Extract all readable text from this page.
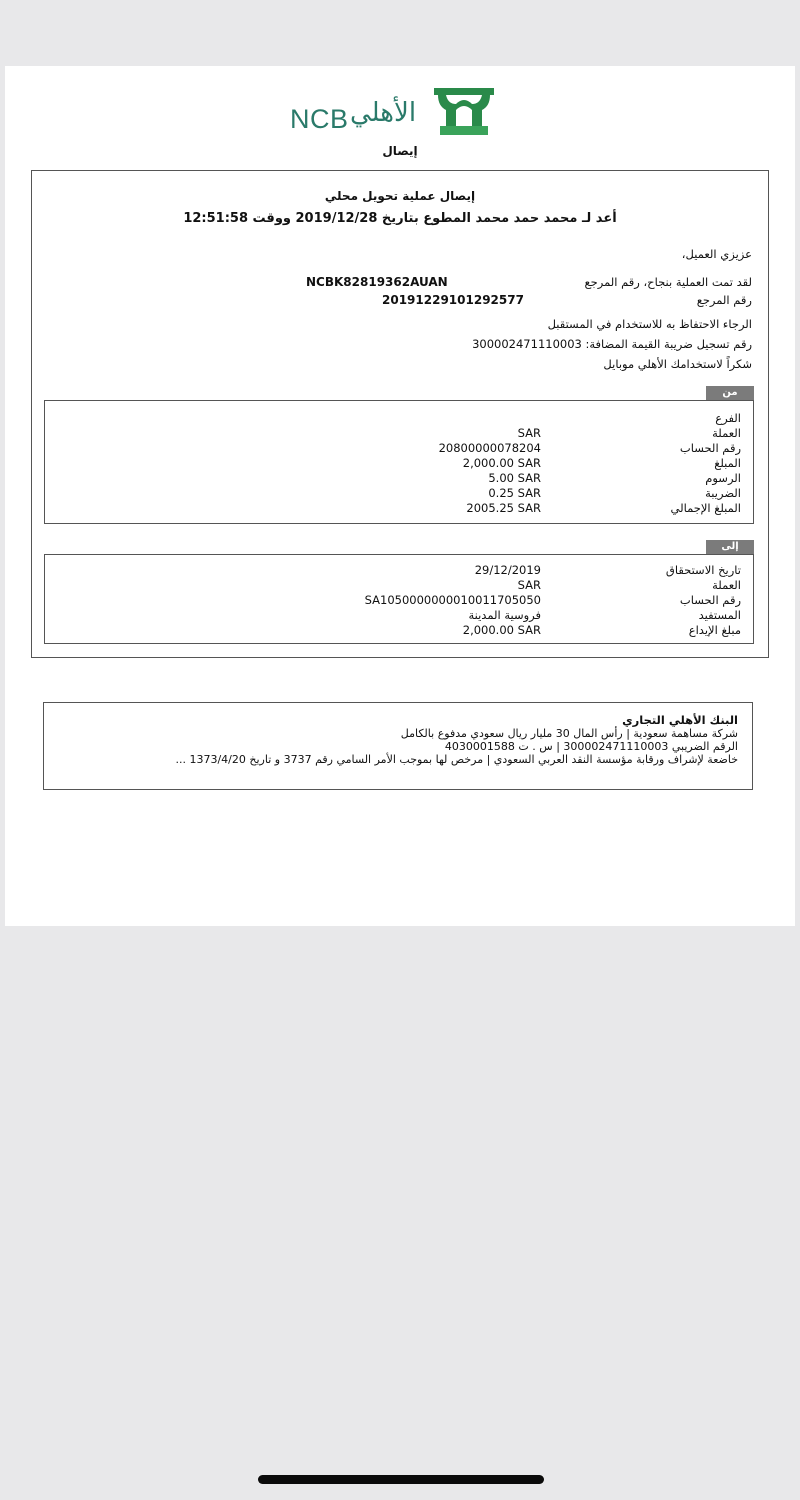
NCB الأهلي
إيصال
إيصال عملية تحويل محلي
أعد لـ محمد حمد محمد المطوع بتاريخ 2019/12/28 ووقت 12:51:58
عزيزي العميل،
لقد تمت العملية بنجاح، رقم المرجع
NCBK82819362AUAN
رقم المرجع
20191229101292577
الرجاء الاحتفاظ به للاستخدام في المستقبل
رقم تسجيل ضريبة القيمة المضافة: 300002471110003
شكراً لاستخدامك الأهلي موبايل
من
الفرع
العملة
SAR
رقم الحساب
20800000078204
المبلغ
2,000.00 SAR
الرسوم
5.00 SAR
الضريبة
0.25 SAR
المبلغ الإجمالي
2005.25 SAR
إلى
تاريخ الاستحقاق
29/12/2019
العملة
SAR
رقم الحساب
SA1050000000010011705050
المستفيد
فروسية المدينة
مبلغ الإيداع
2,000.00 SAR
البنك الأهلي التجاري
شركة مساهمة سعودية | رأس المال 30 مليار ريال سعودي مدفوع بالكامل
الرقم الضريبي 300002471110003 | س . ت 4030001588
خاضعة لإشراف ورقابة مؤسسة النقد العربي السعودي | مرخص لها بموجب الأمر السامي رقم 3737 و تاريخ 1373/4/20 ...
